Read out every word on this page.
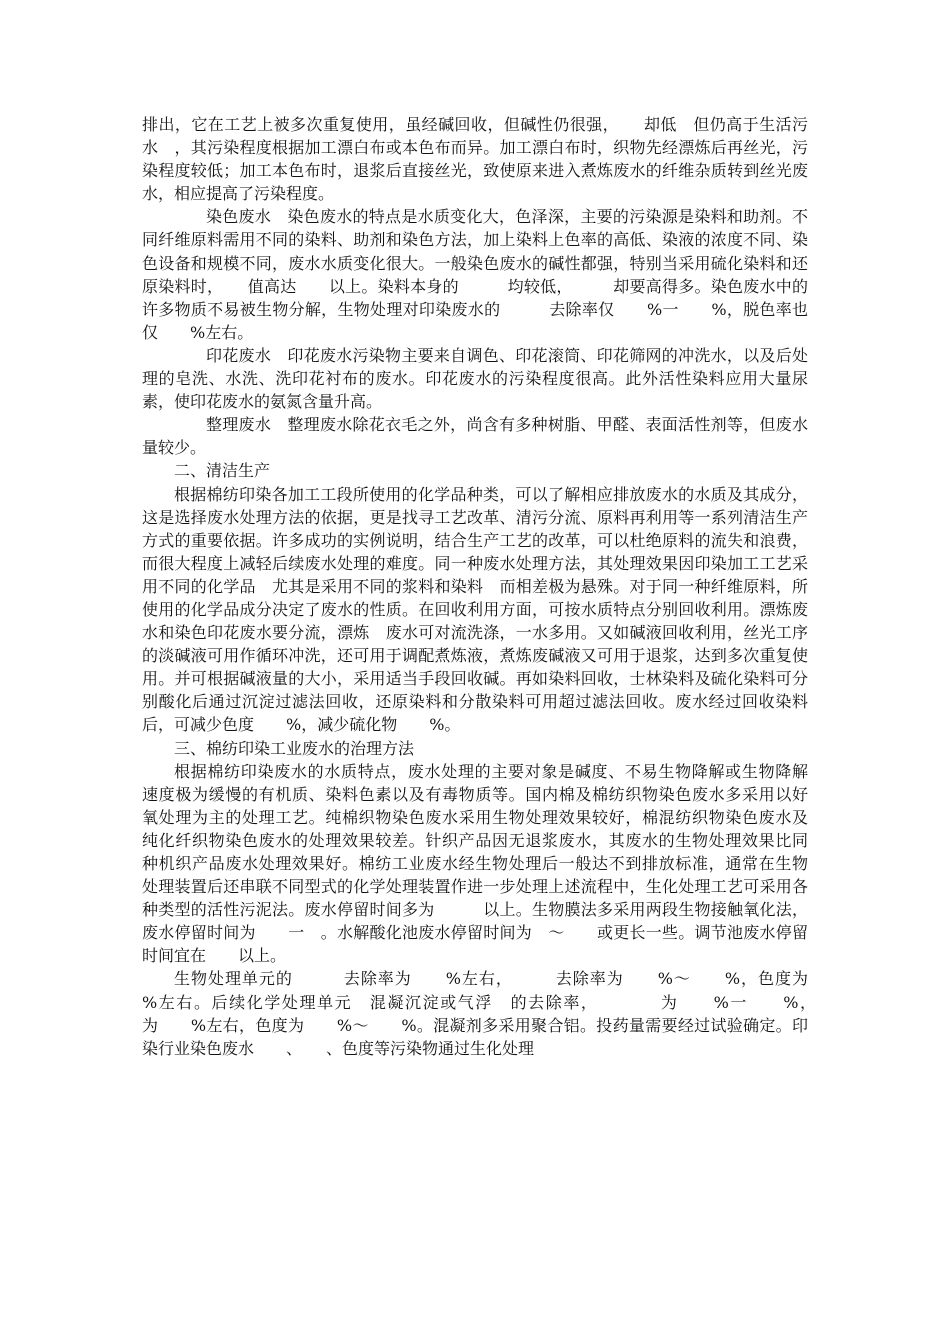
排出，它在工艺上被多次重复使用，虽经碱回收，但碱性仍很强，　　却低　但仍高于生活污水　，其污染程度根据加工漂白布或本色布而异。加工漂白布时，织物先经漂炼后再丝光，污染程度较低；加工本色布时，退浆后直接丝光，致使原来进入煮炼废水的纤维杂质转到丝光废水，相应提高了污染程度。

染色废水　染色废水的特点是水质变化大，色泽深，主要的污染源是染料和助剂。不同纤维原料需用不同的染料、助剂和染色方法，加上染料上色率的高低、染液的浓度不同、染色设备和规模不同，废水水质变化很大。一般染色废水的碱性都强，特别当采用硫化染料和还原染料时，　　值高达　　以上。染料本身的　　　均较低，　　　却要高得多。染色废水中的许多物质不易被生物分解，生物处理对印染废水的　　　去除率仅　　%一　　%，脱色率也仅　　%左右。

印花废水　印花废水污染物主要来自调色、印花滚筒、印花筛网的冲洗水，以及后处理的皂洗、水洗、洗印花衬布的废水。印花废水的污染程度很高。此外活性染料应用大量尿素，使印花废水的氨氮含量升高。

整理废水　整理废水除花衣毛之外，尚含有多种树脂、甲醛、表面活性剂等，但废水量较少。

二、清洁生产

根据棉纺印染各加工工段所使用的化学品种类，可以了解相应排放废水的水质及其成分，这是选择废水处理方法的依据，更是找寻工艺改革、清污分流、原料再利用等一系列清洁生产方式的重要依据。许多成功的实例说明，结合生产工艺的改革，可以杜绝原料的流失和浪费，而很大程度上减轻后续废水处理的难度。同一种废水处理方法，其处理效果因印染加工工艺采用不同的化学品　尤其是采用不同的浆料和染料　而相差极为悬殊。对于同一种纤维原料，所使用的化学品成分决定了废水的性质。在回收利用方面，可按水质特点分别回收利用。漂炼废水和染色印花废水要分流，漂炼　废水可对流洗涤，一水多用。又如碱液回收利用，丝光工序的淡碱液可用作循环冲洗，还可用于调配煮炼液，煮炼废碱液又可用于退浆，达到多次重复使用。并可根据碱液量的大小，采用适当手段回收碱。再如染料回收，士林染料及硫化染料可分别酸化后通过沉淀过滤法回收，还原染料和分散染料可用超过滤法回收。废水经过回收染料后，可减少色度　　%，减少硫化物　　%。

三、棉纺印染工业废水的治理方法

根据棉纺印染废水的水质特点，废水处理的主要对象是碱度、不易生物降解或生物降解　速度极为缓慢的有机质、染料色素以及有毒物质等。国内棉及棉纺织物染色废水多采用以好　氧处理为主的处理工艺。纯棉织物染色废水采用生物处理效果较好，棉混纺织物染色废水及　纯化纤织物染色废水的处理效果较差。针织产品因无退浆废水，其废水的生物处理效果比同　种机织产品废水处理效果好。棉纺工业废水经生物处理后一般达不到排放标准，通常在生物　处理装置后还串联不同型式的化学处理装置作进一步处理上述流程中，生化处理工艺可采用各种类型的活性污泥法。废水停留时间多为　　　以上。生物膜法多采用两段生物接触氧化法，废水停留时间为　　一　。水解酸化池废水停留时间为　～　　或更长一些。调节池废水停留时间宜在　　以上。

生物处理单元的　　　去除率为　　%左右，　　　去除率为　　%～　　%，色度为　　%左右。后续化学处理单元　混凝沉淀或气浮　的去除率，　　　　为　　%一　　%，　　　为　　%左右，色度为　　%～　　%。混凝剂多采用聚合铝。投药量需要经过试验确定。印染行业染色废水　　、　　、色度等污染物通过生化处理
